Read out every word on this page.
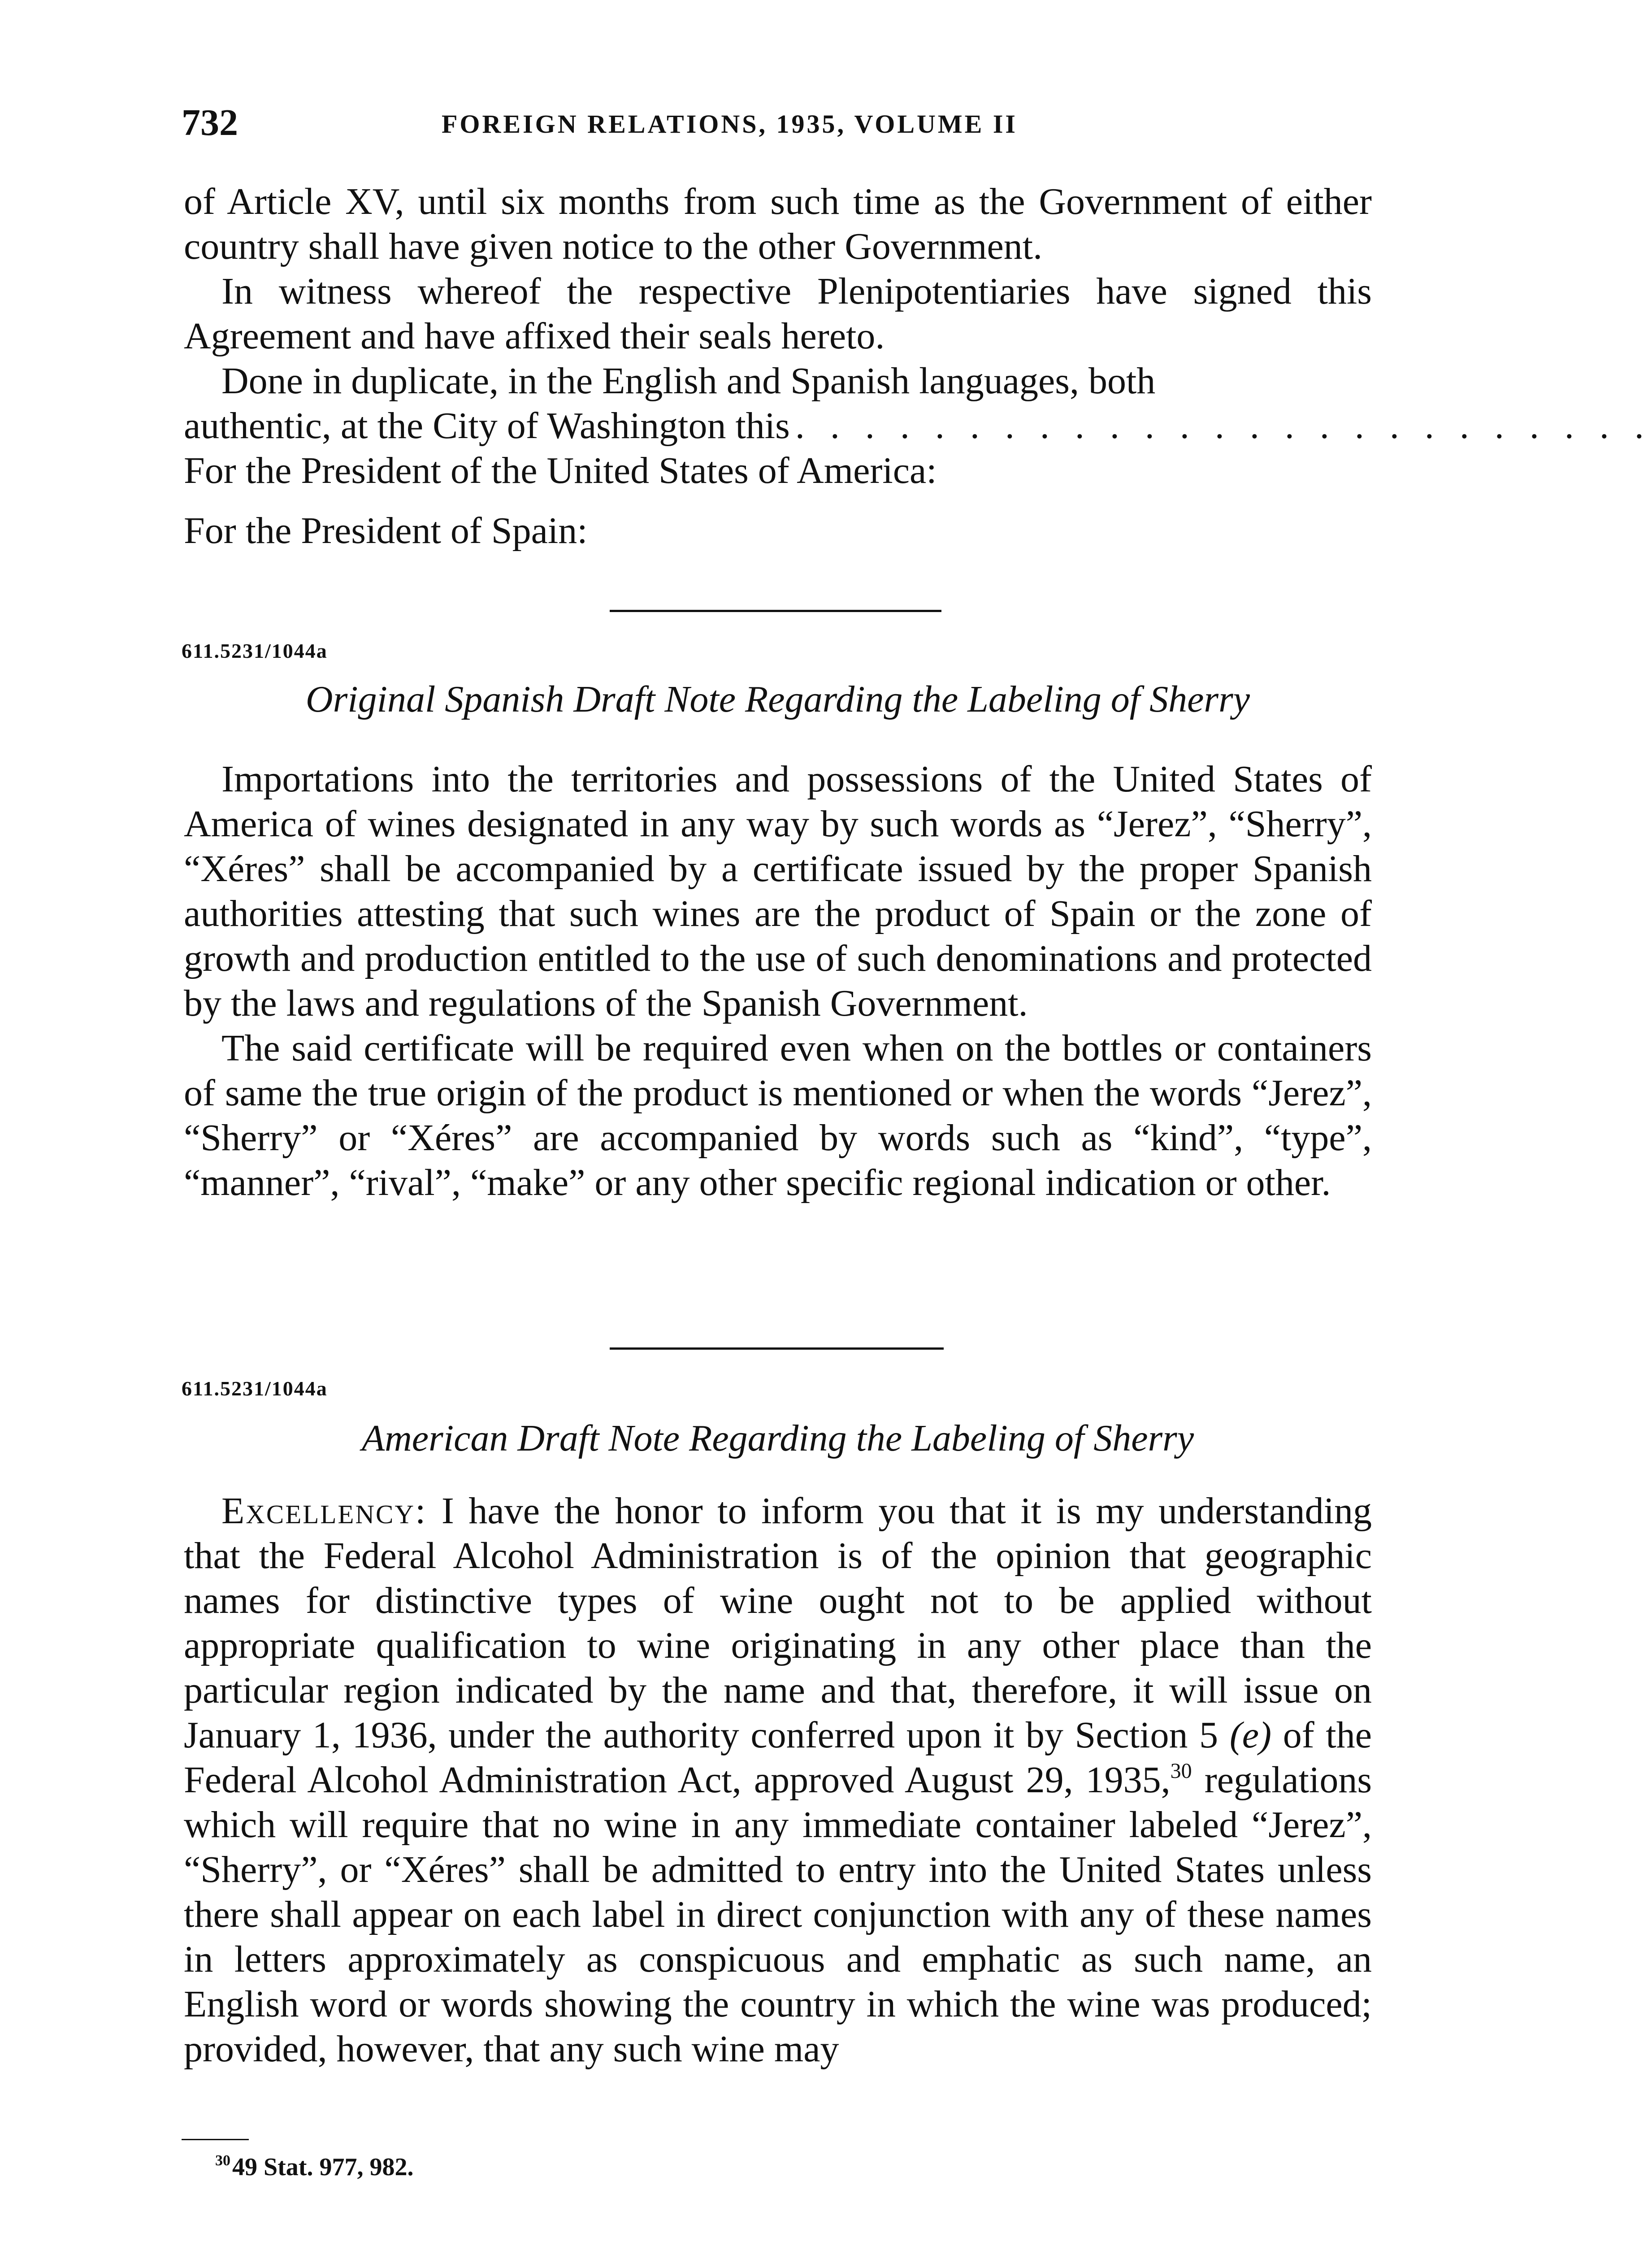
732	FOREIGN RELATIONS, 1935, VOLUME II

of Article XV, until six months from such time as the Government of either country shall have given notice to the other Government.

In witness whereof the respective Plenipotentiaries have signed this Agreement and have affixed their seals hereto.

Done in duplicate, in the English and Spanish languages, both

authentic, at the City of Washington this . . . . . . . . . . . . . . . . . . . . . . . . .

For the President of the United States of America:

For the President of Spain:

611.5231/1044a
Original Spanish Draft Note Regarding the Labeling of Sherry

Importations into the territories and possessions of the United States of America of wines designated in any way by such words as “Jerez”, “Sherry”, “Xéres” shall be accompanied by a certificate issued by the proper Spanish authorities attesting that such wines are the product of Spain or the zone of growth and production entitled to the use of such denominations and protected by the laws and regulations of the Spanish Government.

The said certificate will be required even when on the bottles or containers of same the true origin of the product is mentioned or when the words “Jerez”, “Sherry” or “Xéres” are accompanied by words such as “kind”, “type”, “manner”, “rival”, “make” or any other specific regional indication or other.

611.5231/1044a
American Draft Note Regarding the Labeling of Sherry

Excellency: I have the honor to inform you that it is my understanding that the Federal Alcohol Administration is of the opinion that geographic names for distinctive types of wine ought not to be applied without appropriate qualification to wine originating in any other place than the particular region indicated by the name and that, therefore, it will issue on January 1, 1936, under the authority conferred upon it by Section 5 (e) of the Federal Alcohol Administration Act, approved August 29, 1935,30 regulations which will require that no wine in any immediate container labeled “Jerez”, “Sherry”, or “Xéres” shall be admitted to entry into the United States unless there shall appear on each label in direct conjunction with any of these names in letters approximately as conspicuous and emphatic as such name, an English word or words showing the country in which the wine was produced; provided, however, that any such wine may

$^{30}$49 Stat. 977, 982.
